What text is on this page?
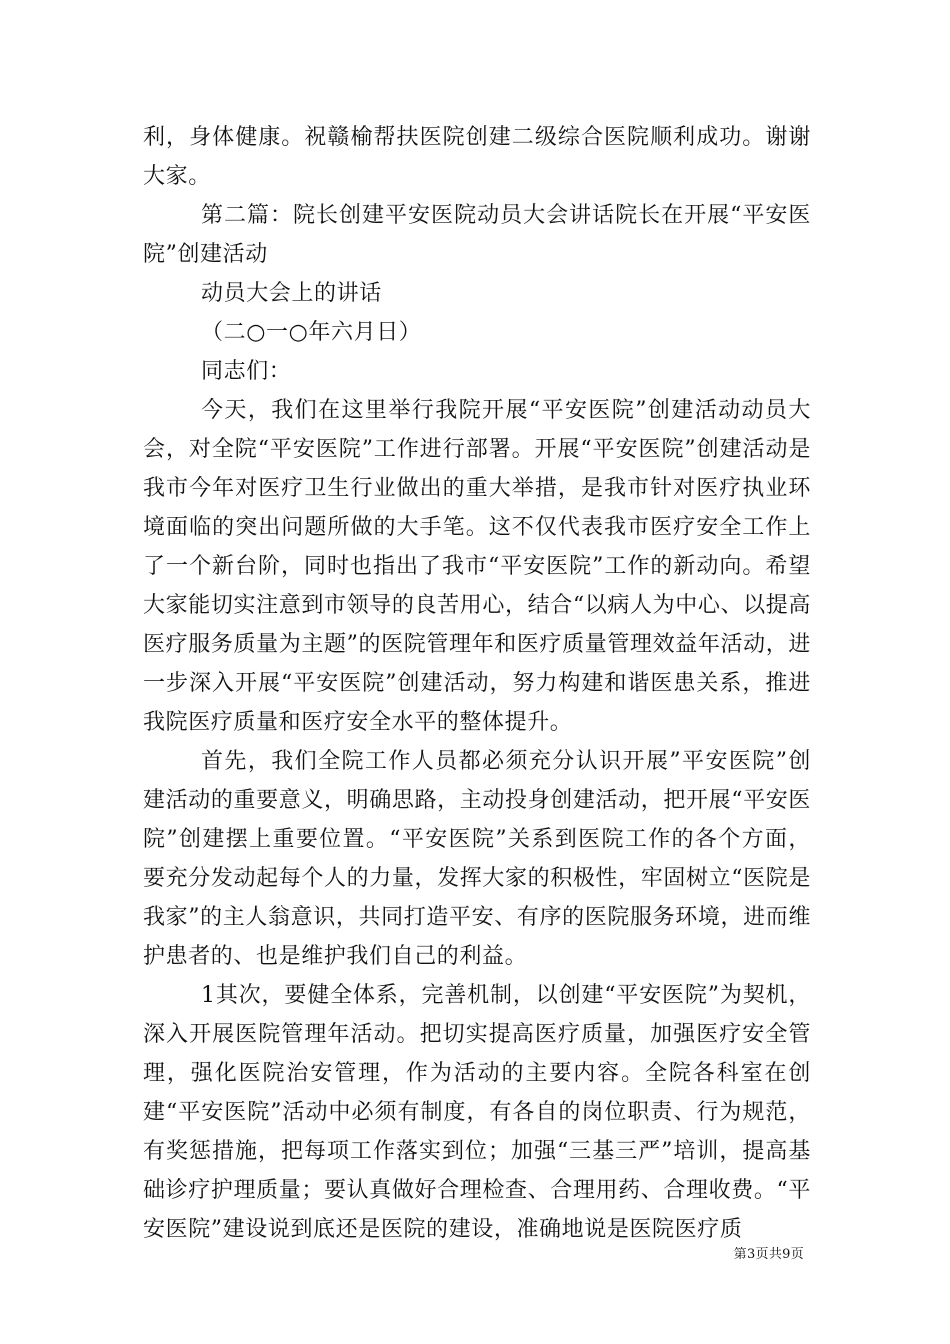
利，身体健康。祝赣榆帮扶医院创建二级综合医院顺利成功。谢谢大家。

第二篇：院长创建平安医院动员大会讲话院长在开展“平安医院”创建活动

动员大会上的讲话

（二○一○年六月日）

同志们：

今天，我们在这里举行我院开展“平安医院”创建活动动员大会，对全院“平安医院”工作进行部署。开展“平安医院”创建活动是我市今年对医疗卫生行业做出的重大举措，是我市针对医疗执业环境面临的突出问题所做的大手笔。这不仅代表我市医疗安全工作上了一个新台阶，同时也指出了我市“平安医院”工作的新动向。希望大家能切实注意到市领导的良苦用心，结合“以病人为中心、以提高医疗服务质量为主题”的医院管理年和医疗质量管理效益年活动，进一步深入开展“平安医院”创建活动，努力构建和谐医患关系，推进我院医疗质量和医疗安全水平的整体提升。

首先，我们全院工作人员都必须充分认识开展”平安医院”创建活动的重要意义，明确思路，主动投身创建活动，把开展“平安医院”创建摆上重要位置。“平安医院”关系到医院工作的各个方面，要充分发动起每个人的力量，发挥大家的积极性，牢固树立“医院是我家”的主人翁意识，共同打造平安、有序的医院服务环境，进而维护患者的、也是维护我们自己的利益。

1其次，要健全体系，完善机制，以创建“平安医院”为契机，深入开展医院管理年活动。把切实提高医疗质量，加强医疗安全管理，强化医院治安管理，作为活动的主要内容。全院各科室在创建“平安医院”活动中必须有制度，有各自的岗位职责、行为规范，有奖惩措施，把每项工作落实到位；加强“三基三严”培训，提高基础诊疗护理质量；要认真做好合理检查、合理用药、合理收费。“平安医院”建设说到底还是医院的建设，准确地说是医院医疗质

第3页共9页
